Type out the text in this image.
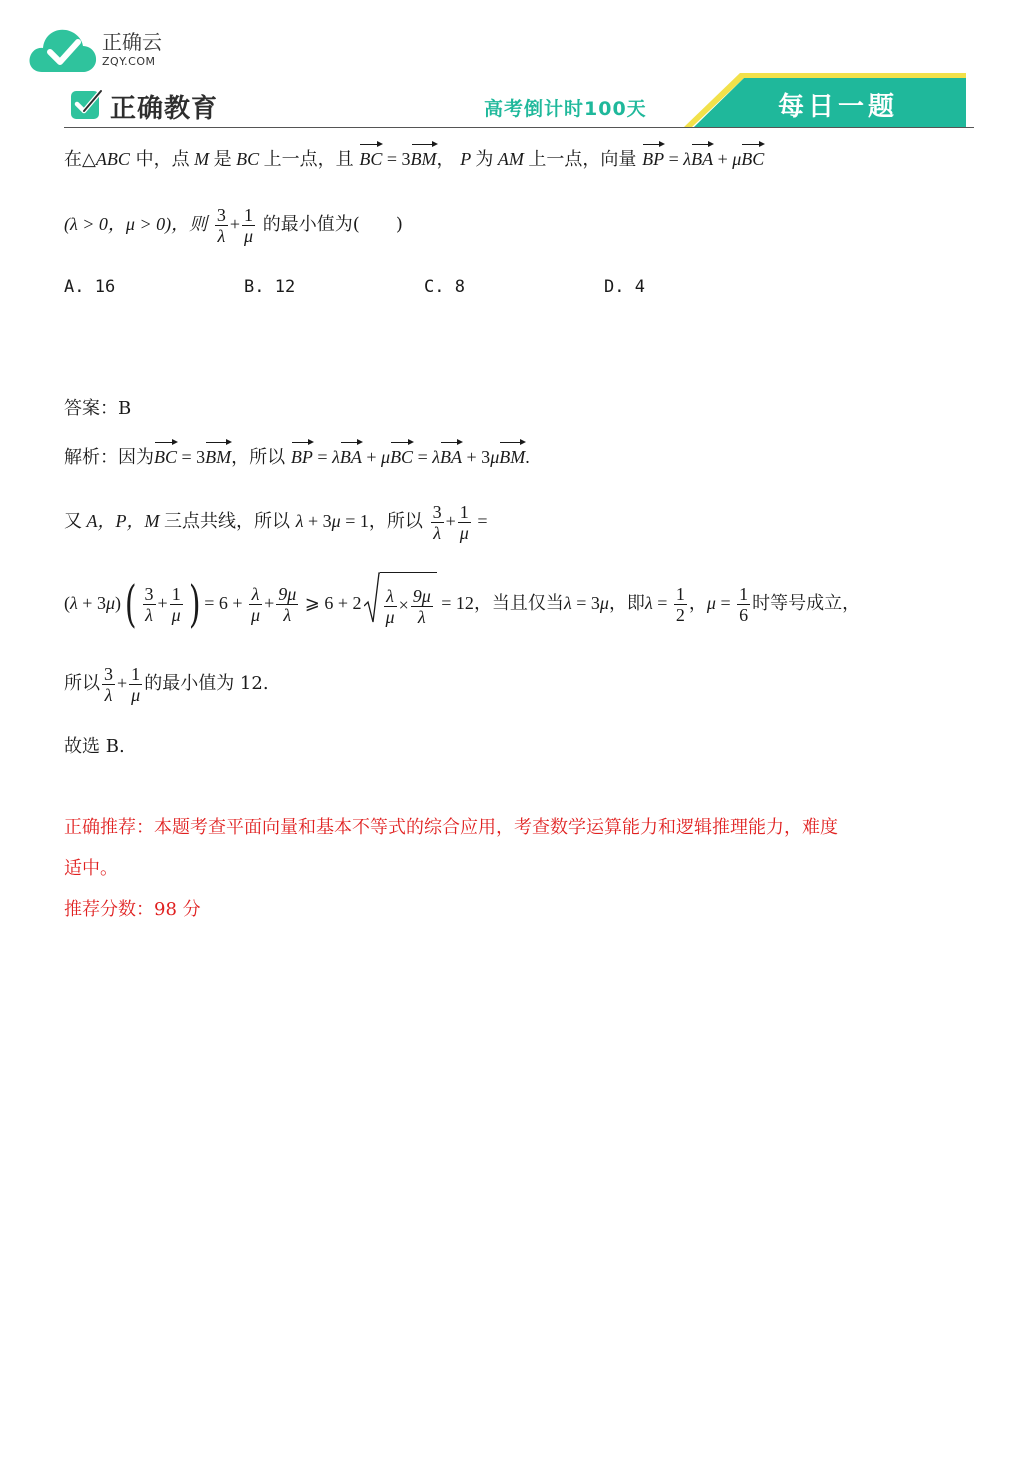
正确云
ZQY.COM
正确教育	高考倒计时100天	每日一题
在△ABC 中，点 M 是 BC 上一点，且 BC = 3BM， P 为 AM 上一点，向量 BP = λBA + μBC
(λ > 0，μ > 0)，则 $\frac{3}{\lambda} + \frac{1}{\mu}$ 的最小值为(　　)
A. 16	B. 12	C. 8	D. 4
答案：B
解析：因为BC = 3BM，所以 BP = λBA + μBC = λBA + 3μBM.
又 A，P，M 三点共线，所以 λ + 3μ = 1，所以 $\frac{3}{\lambda} + \frac{1}{\mu}$ =
$(\lambda + 3\mu)( \frac{3}{\lambda} + \frac{1}{\mu}$ ) = $6 + \frac{\lambda}{\mu} + \frac{9\mu}{\lambda}$ ⩾ $6 + 2 \frac{\lambda}{\mu} \times \frac{9\mu}{\lambda} = 12$，当且仅当λ = 3μ，即$\lambda = \frac{1}{2}$ ，$\mu = \frac{1}{6}$ 时等号成立，
所以 $\frac{3}{\lambda} + \frac{1}{\mu}$ 的最小值为 12.
故选 B.
正确推荐：本题考查平面向量和基本不等式的综合应用，考查数学运算能力和逻辑推理能力，难度
适中。
推荐分数：98 分
